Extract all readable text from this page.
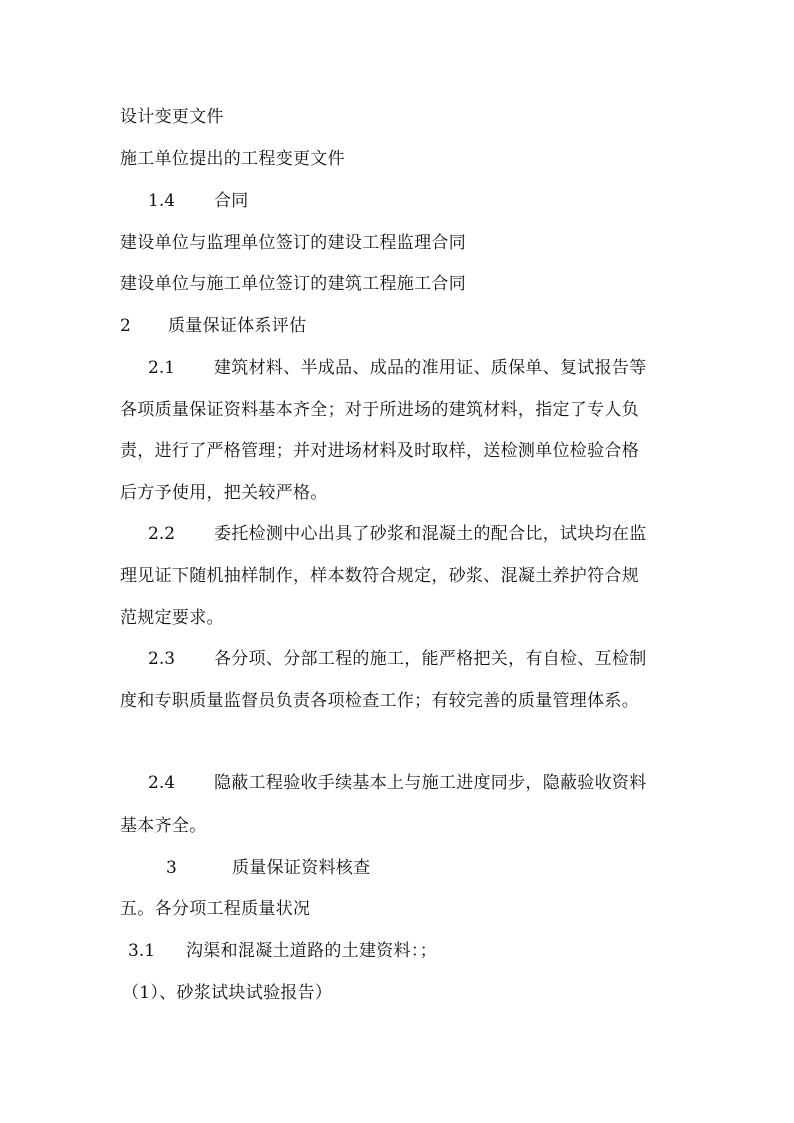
设计变更文件
施工单位提出的工程变更文件
1.4 合同
建设单位与监理单位签订的建设工程监理合同
建设单位与施工单位签订的建筑工程施工合同
2 质量保证体系评估
2.1 建筑材料、半成品、成品的准用证、质保单、复试报告等
各项质量保证资料基本齐全；对于所进场的建筑材料，指定了专人负
责，进行了严格管理；并对进场材料及时取样，送检测单位检验合格
后方予使用，把关较严格。
2.2 委托检测中心出具了砂浆和混凝土的配合比，试块均在监
理见证下随机抽样制作，样本数符合规定，砂浆、混凝土养护符合规
范规定要求。
2.3 各分项、分部工程的施工，能严格把关，有自检、互检制
度和专职质量监督员负责各项检查工作；有较完善的质量管理体系。
2.4 隐蔽工程验收手续基本上与施工进度同步，隐蔽验收资料
基本齐全。
3	质量保证资料核查
五。各分项工程质量状况
3.1 沟渠和混凝土道路的土建资料：；
（1）、砂浆试块试验报告）
